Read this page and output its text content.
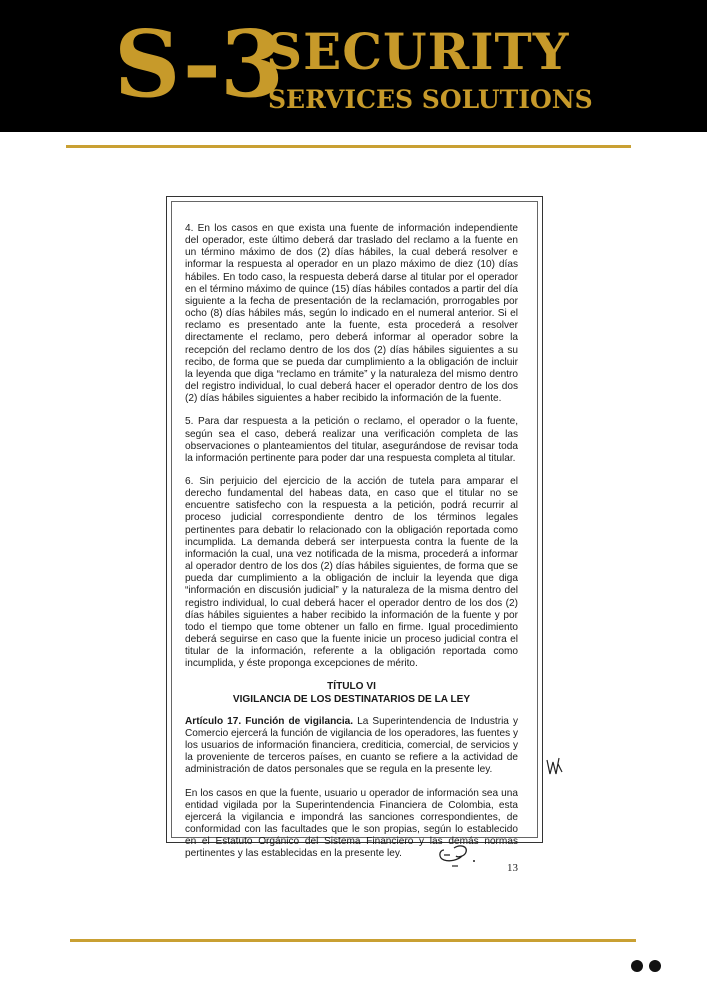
S-3
SECURITY
SERVICES SOLUTIONS

4. En los casos en que exista una fuente de información independiente del operador, este último deberá dar traslado del reclamo a la fuente en un término máximo de dos (2) días hábiles, la cual deberá resolver e informar la respuesta al operador en un plazo máximo de diez (10) días hábiles. En todo caso, la respuesta deberá darse al titular por el operador en el término máximo de quince (15) días hábiles contados a partir del día siguiente a la fecha de presentación de la reclamación, prorrogables por ocho (8) días hábiles más, según lo indicado en el numeral anterior. Si el reclamo es presentado ante la fuente, esta procederá a resolver directamente el reclamo, pero deberá informar al operador sobre la recepción del reclamo dentro de los dos (2) días hábiles siguientes a su recibo, de forma que se pueda dar cumplimiento a la obligación de incluir la leyenda que diga “reclamo en trámite” y la naturaleza del mismo dentro del registro individual, lo cual deberá hacer el operador dentro de los dos (2) días hábiles siguientes a haber recibido la información de la fuente.

5. Para dar respuesta a la petición o reclamo, el operador o la fuente, según sea el caso, deberá realizar una verificación completa de las observaciones o planteamientos del titular, asegurándose de revisar toda la información pertinente para poder dar una respuesta completa al titular.

6. Sin perjuicio del ejercicio de la acción de tutela para amparar el derecho fundamental del habeas data, en caso que el titular no se encuentre satisfecho con la respuesta a la petición, podrá recurrir al proceso judicial correspondiente dentro de los términos legales pertinentes para debatir lo relacionado con la obligación reportada como incumplida. La demanda deberá ser interpuesta contra la fuente de la información la cual, una vez notificada de la misma, procederá a informar al operador dentro de los dos (2) días hábiles siguientes, de forma que se pueda dar cumplimiento a la obligación de incluir la leyenda que diga “información en discusión judicial” y la naturaleza de la misma dentro del registro individual, lo cual deberá hacer el operador dentro de los dos (2) días hábiles siguientes a haber recibido la información de la fuente y por todo el tiempo que tome obtener un fallo en firme. Igual procedimiento deberá seguirse en caso que la fuente inicie un proceso judicial contra el titular de la información, referente a la obligación reportada como incumplida, y éste proponga excepciones de mérito.

TÍTULO VI

VIGILANCIA DE LOS DESTINATARIOS DE LA LEY

Artículo 17. Función de vigilancia. La Superintendencia de Industria y Comercio ejercerá la función de vigilancia de los operadores, las fuentes y los usuarios de información financiera, crediticia, comercial, de servicios y la proveniente de terceros países, en cuanto se refiere a la actividad de administración de datos personales que se regula en la presente ley.

En los casos en que la fuente, usuario u operador de información sea una entidad vigilada por la Superintendencia Financiera de Colombia, esta ejercerá la vigilancia e impondrá las sanciones correspondientes, de conformidad con las facultades que le son propias, según lo establecido en el Estatuto Orgánico del Sistema Financiero y las demás normas pertinentes y las establecidas en la presente ley.

13
